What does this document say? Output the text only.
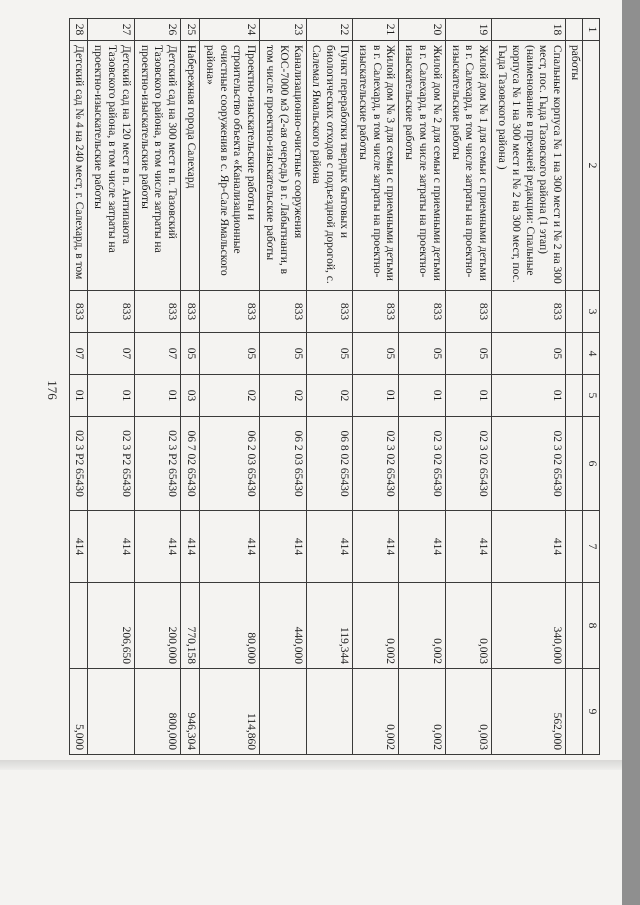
176
1	2	3	4	5	6	7	8	9
	работы							
18	Спальные корпуса № 1 на 300 мест и № 2 на 300 мест, пос. Гыда Тазовского района (1 этап) (наименование в прежней редакции: Спальные корпуса № 1 на 300 мест и № 2 на 300 мест, пос. Гыда Тазовского района )	833	05	01	02 3 02 65430	414	340,000	562,000
19	Жилой дом № 1 для семьи с приемными детьми в г. Салехард, в том числе затраты на проектно-изыскательские работы	833	05	01	02 3 02 65430	414	0,003	0,003
20	Жилой дом № 2 для семьи с приемными детьми в г. Салехард, в том числе затраты на проектно-изыскательские работы	833	05	01	02 3 02 65430	414	0,002	0,002
21	Жилой дом № 3 для семьи с приемными детьми в г. Салехард, в том числе затраты на проектно-изыскательские работы	833	05	01	02 3 02 65430	414	0,002	0,002
22	Пункт переработки твердых бытовых и биологических отходов с подъездной дорогой, с. Салемал Ямальского района	833	05	02	06 8 02 65430	414	119,344	
23	Канализационно-очистные сооружения КОС-7000 м3 (2-ая очередь) в г. Лабытнанги, в том числе проектно-изыскательские работы	833	05	02	06 2 03 65430	414	440,000	
24	Проектно-изыскательские работы и строительство объекта «Канализационные очистные сооружения в с. Яр-Сале Ямальского района»	833	05	02	06 2 03 65430	414	80,000	114,860
25	Набережная города Салехард	833	05	03	06 7 02 65430	414	770,158	946,304
26	Детский сад на 300 мест в п. Тазовский Тазовского района, в том числе затраты на проектно-изыскательские работы	833	07	01	02 3 Р2 65430	414	200,000	800,000
27	Детский сад на 120 мест в п. Антипаюта Тазовского района, в том числе затраты на проектно-изыскательские работы	833	07	01	02 3 Р2 65430	414	206,650	
28	Детский сад № 4 на 240 мест, г. Салехард, в том	833	07	01	02 3 Р2 65430	414		5,000
